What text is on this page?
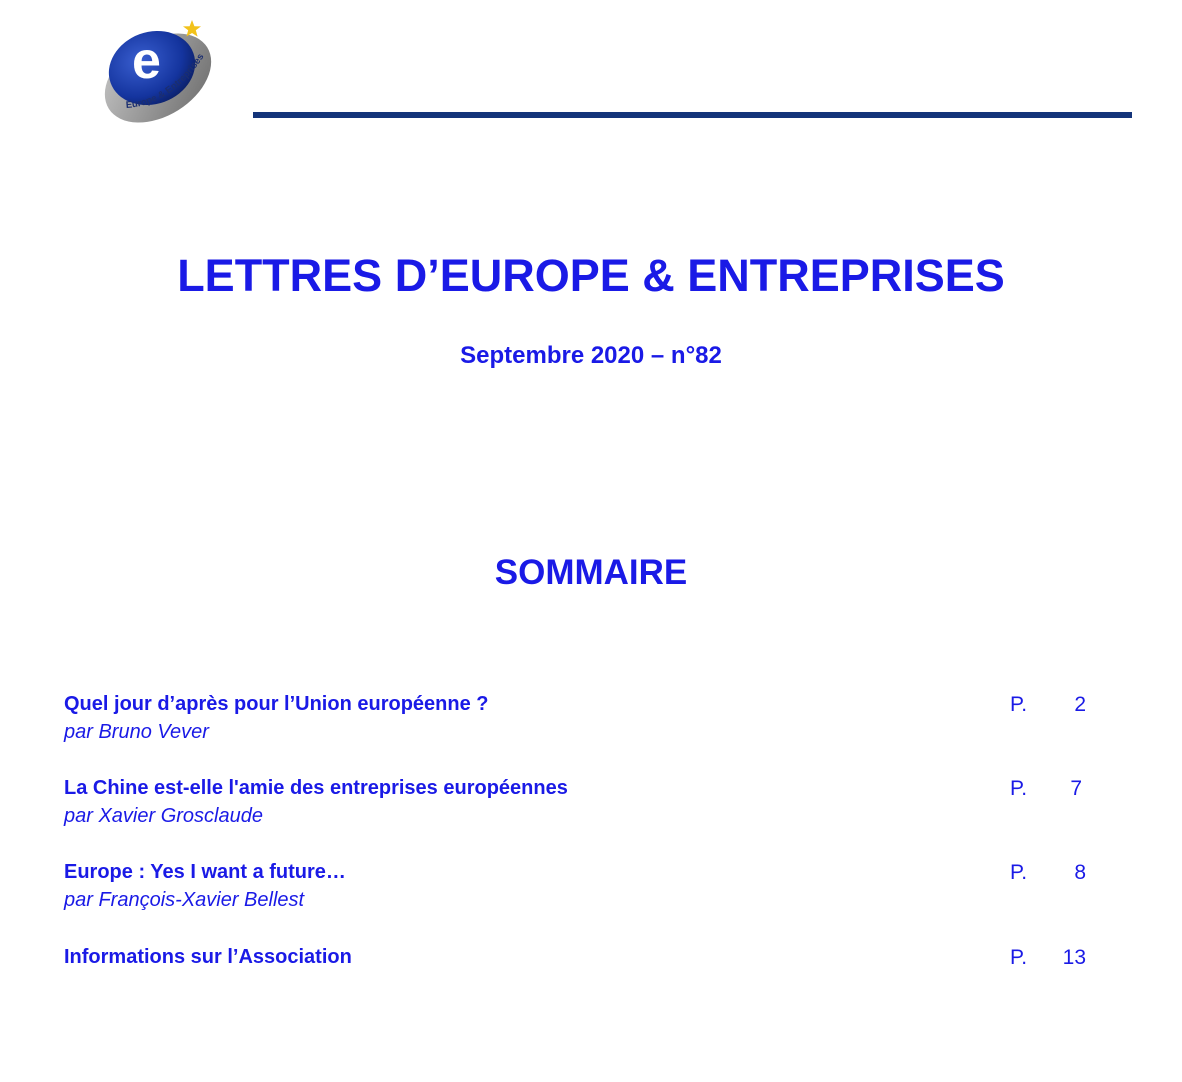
e
Europe & Entreprises
LETTRES D’EUROPE & ENTREPRISES
Septembre 2020 – n°82
SOMMAIRE
Quel jour d’après pour l’Union européenne ?
par Bruno Vever
P. 2
La Chine est-elle l'amie des entreprises européennes
par Xavier Grosclaude
P. 7
Europe : Yes I want a future…
par François-Xavier Bellest
P. 8
Informations sur l’Association	P. 13
